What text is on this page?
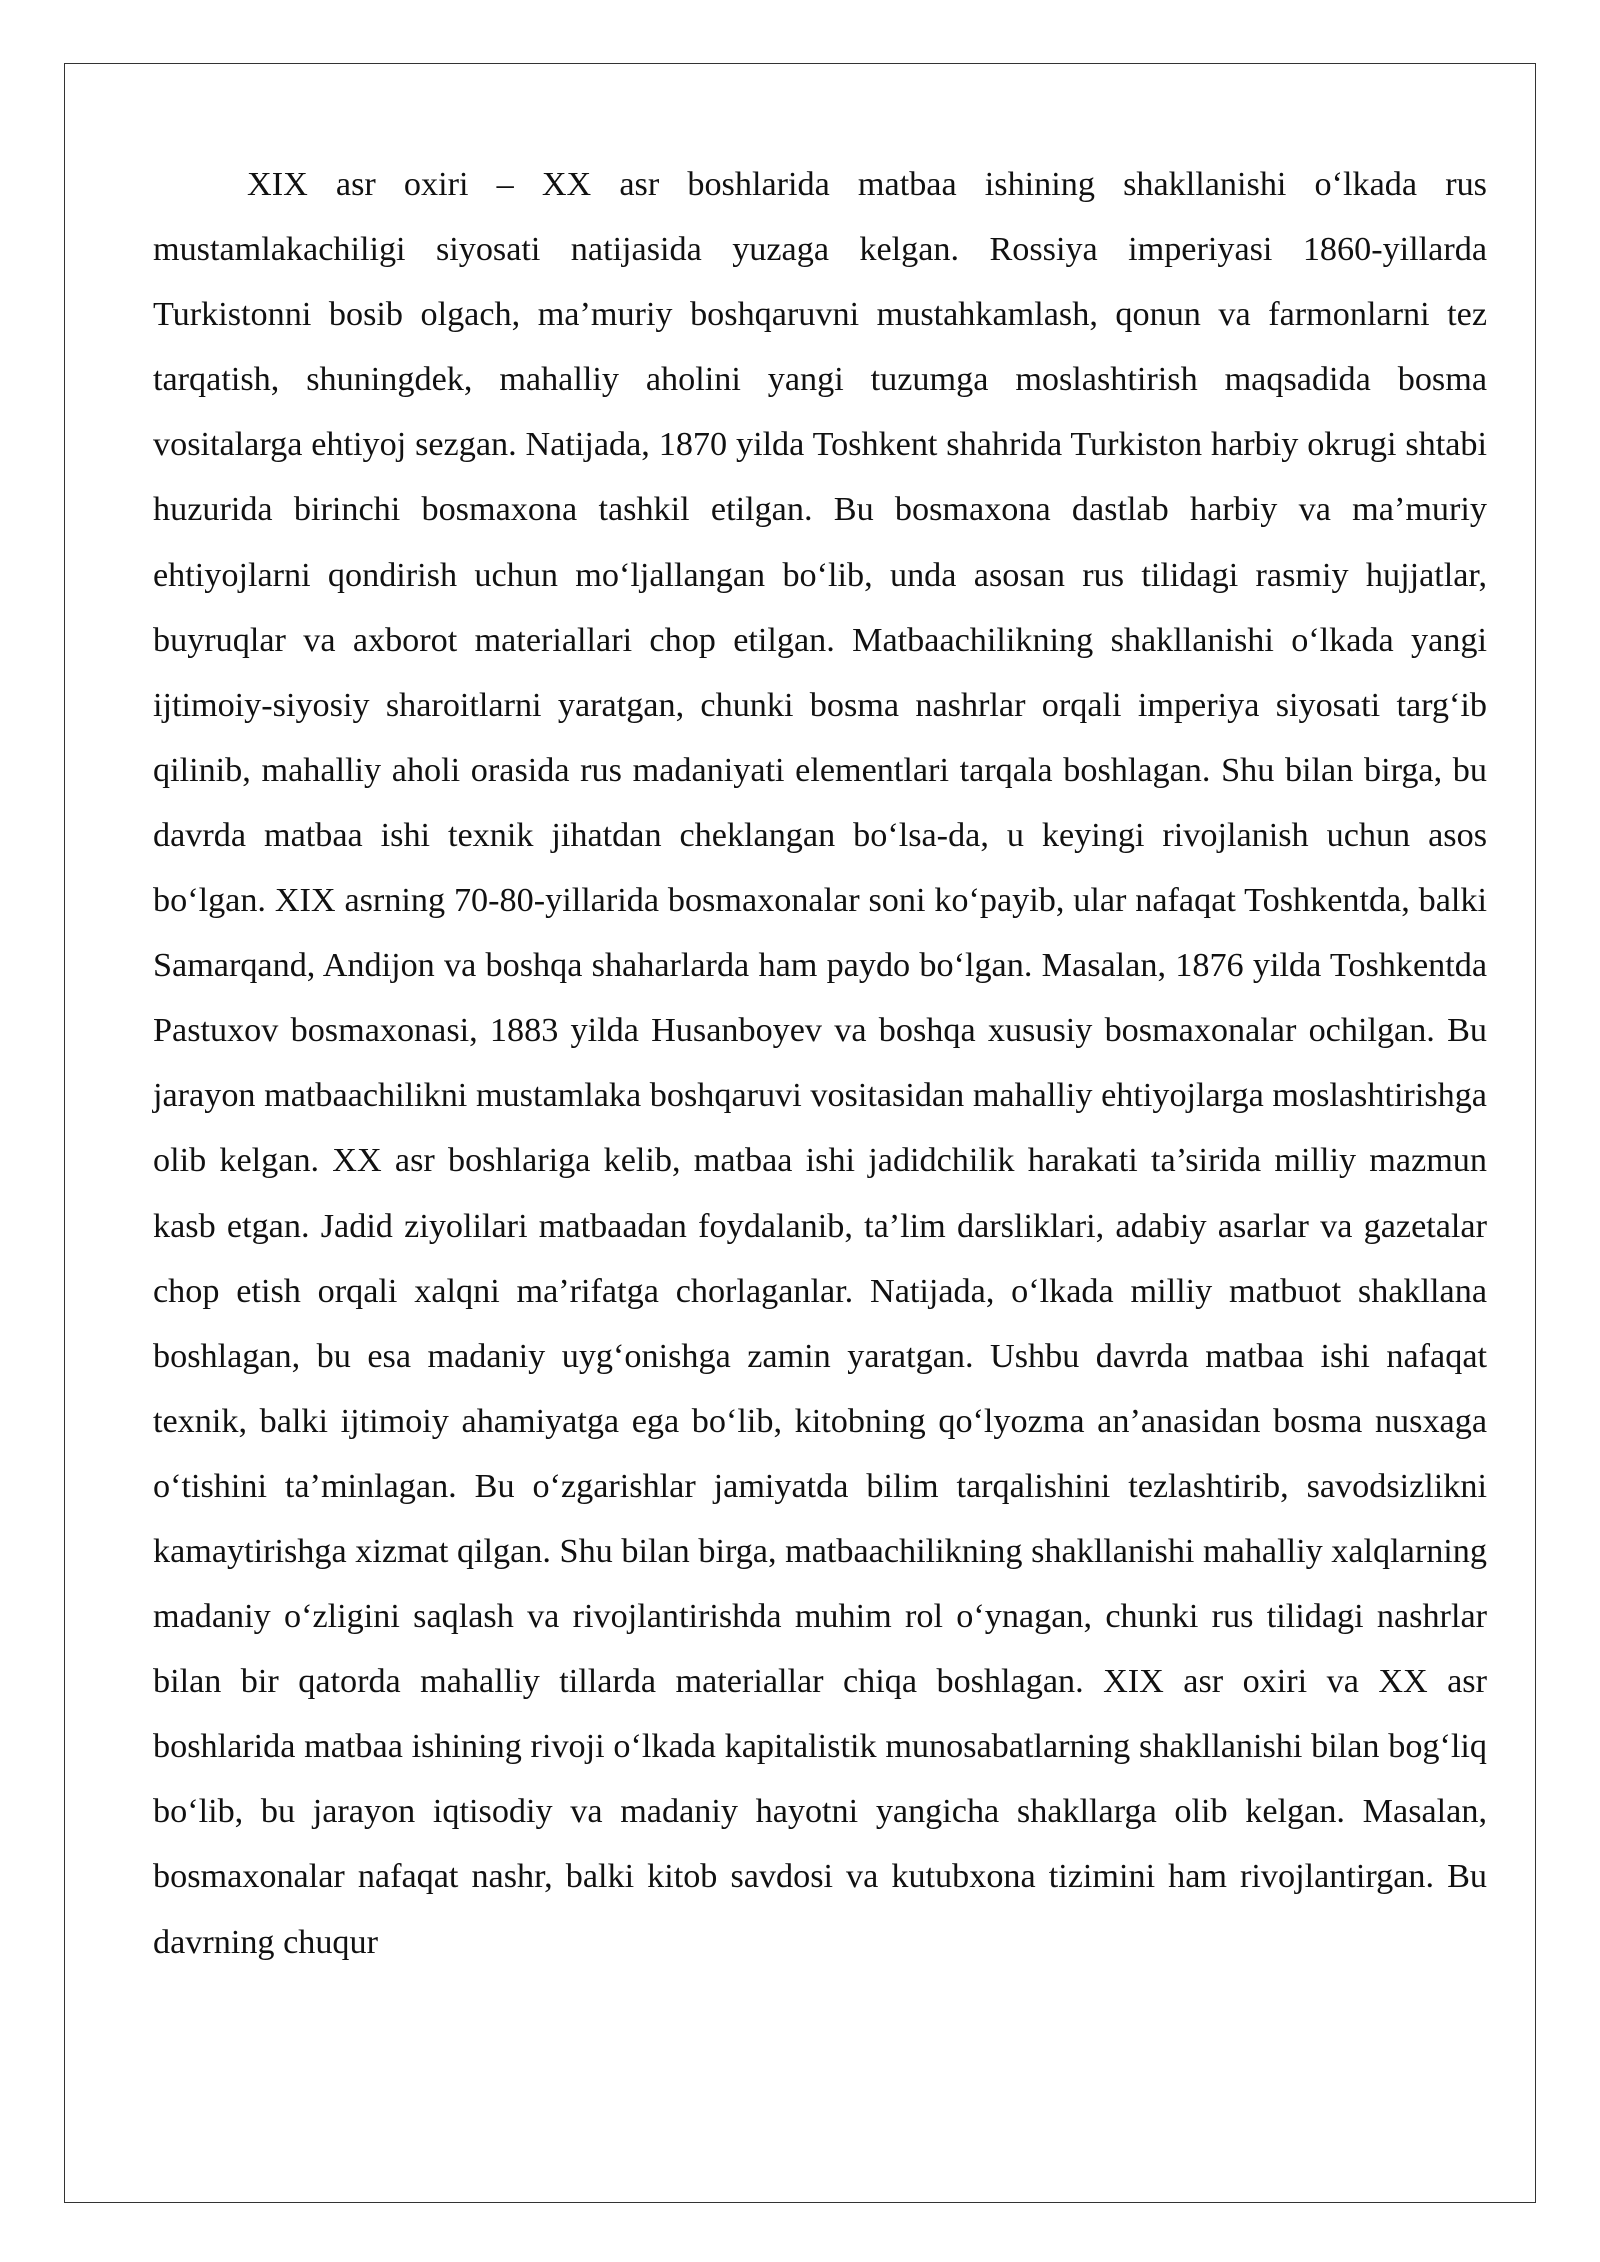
XIX asr oxiri – XX asr boshlarida matbaa ishining shakllanishi o‘lkada rus mustamlakachiligi siyosati natijasida yuzaga kelgan. Rossiya imperiyasi 1860-yillarda Turkistonni bosib olgach, ma’muriy boshqaruvni mustahkamlash, qonun va farmonlarni tez tarqatish, shuningdek, mahalliy aholini yangi tuzumga moslashtirish maqsadida bosma vositalarga ehtiyoj sezgan. Natijada, 1870 yilda Toshkent shahrida Turkiston harbiy okrugi shtabi huzurida birinchi bosmaxona tashkil etilgan. Bu bosmaxona dastlab harbiy va ma’muriy ehtiyojlarni qondirish uchun mo‘ljallangan bo‘lib, unda asosan rus tilidagi rasmiy hujjatlar, buyruqlar va axborot materiallari chop etilgan. Matbaachilikning shakllanishi o‘lkada yangi ijtimoiy-siyosiy sharoitlarni yaratgan, chunki bosma nashrlar orqali imperiya siyosati targ‘ib qilinib, mahalliy aholi orasida rus madaniyati elementlari tarqala boshlagan. Shu bilan birga, bu davrda matbaa ishi texnik jihatdan cheklangan bo‘lsa-da, u keyingi rivojlanish uchun asos bo‘lgan. XIX asrning 70-80-yillarida bosmaxonalar soni ko‘payib, ular nafaqat Toshkentda, balki Samarqand, Andijon va boshqa shaharlarda ham paydo bo‘lgan. Masalan, 1876 yilda Toshkentda Pastuxov bosmaxonasi, 1883 yilda Husanboyev va boshqa xususiy bosmaxonalar ochilgan. Bu jarayon matbaachilikni mustamlaka boshqaruvi vositasidan mahalliy ehtiyojlarga moslashtirishga olib kelgan. XX asr boshlariga kelib, matbaa ishi jadidchilik harakati ta’sirida milliy mazmun kasb etgan. Jadid ziyolilari matbaadan foydalanib, ta’lim darsliklari, adabiy asarlar va gazetalar chop etish orqali xalqni ma’rifatga chorlaganlar. Natijada, o‘lkada milliy matbuot shakllana boshlagan, bu esa madaniy uyg‘onishga zamin yaratgan. Ushbu davrda matbaa ishi nafaqat texnik, balki ijtimoiy ahamiyatga ega bo‘lib, kitobning qo‘lyozma an’anasidan bosma nusxaga o‘tishini ta’minlagan. Bu o‘zgarishlar jamiyatda bilim tarqalishini tezlashtirib, savodsizlikni kamaytirishga xizmat qilgan. Shu bilan birga, matbaachilikning shakllanishi mahalliy xalqlarning madaniy o‘zligini saqlash va rivojlantirishda muhim rol o‘ynagan, chunki rus tilidagi nashrlar bilan bir qatorda mahalliy tillarda materiallar chiqa boshlagan. XIX asr oxiri va XX asr boshlarida matbaa ishining rivoji o‘lkada kapitalistik munosabatlarning shakllanishi bilan bog‘liq bo‘lib, bu jarayon iqtisodiy va madaniy hayotni yangicha shakllarga olib kelgan. Masalan, bosmaxonalar nafaqat nashr, balki kitob savdosi va kutubxona tizimini ham rivojlantirgan. Bu davrning chuqur
